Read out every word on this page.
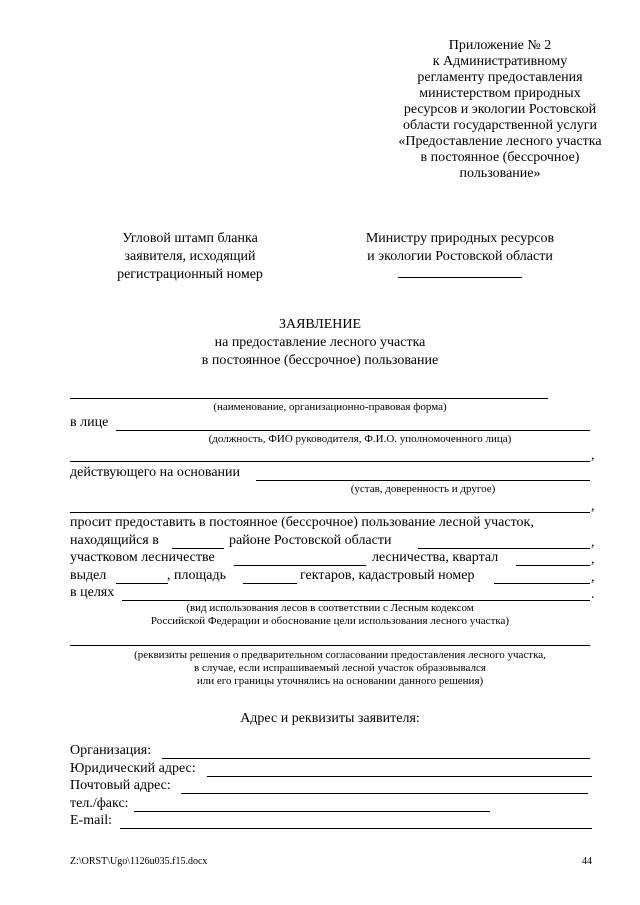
Приложение № 2
к Административному
регламенту предоставления
министерством природных
ресурсов и экологии Ростовской
области государственной услуги
«Предоставление лесного участка
в постоянное (бессрочное)
пользование»
Угловой штамп бланка
заявителя, исходящий
регистрационный номер
Министру природных ресурсов
и экологии Ростовской области
ЗАЯВЛЕНИЕ
на предоставление лесного участка
в постоянное (бессрочное) пользование
(наименование, организационно-правовая форма)
в лице
(должность, ФИО руководителя, Ф.И.О. уполномоченного лица)
,
действующего на основании
(устав, доверенность и другое)
,
просит предоставить в постоянное (бессрочное) пользование лесной участок,
находящийся в	районе Ростовской области	,
участковом лесничестве	лесничества, квартал	,
выдел	, площадь	гектаров, кадастровый номер	,
в целях	.
(вид использования лесов в соответствии с Лесным кодексом
Российской Федерации и обоснование цели использования лесного участка)
(реквизиты решения о предварительном согласовании предоставления лесного участка,
в случае, если испрашиваемый лесной участок образовывался
или его границы уточнялись на основании данного решения)
Адрес и реквизиты заявителя:
Организация:
Юридический адрес:
Почтовый адрес:
тел./факс:
E-mail:
Z:\ORST\Ugo\1126u035.f15.docx	44
